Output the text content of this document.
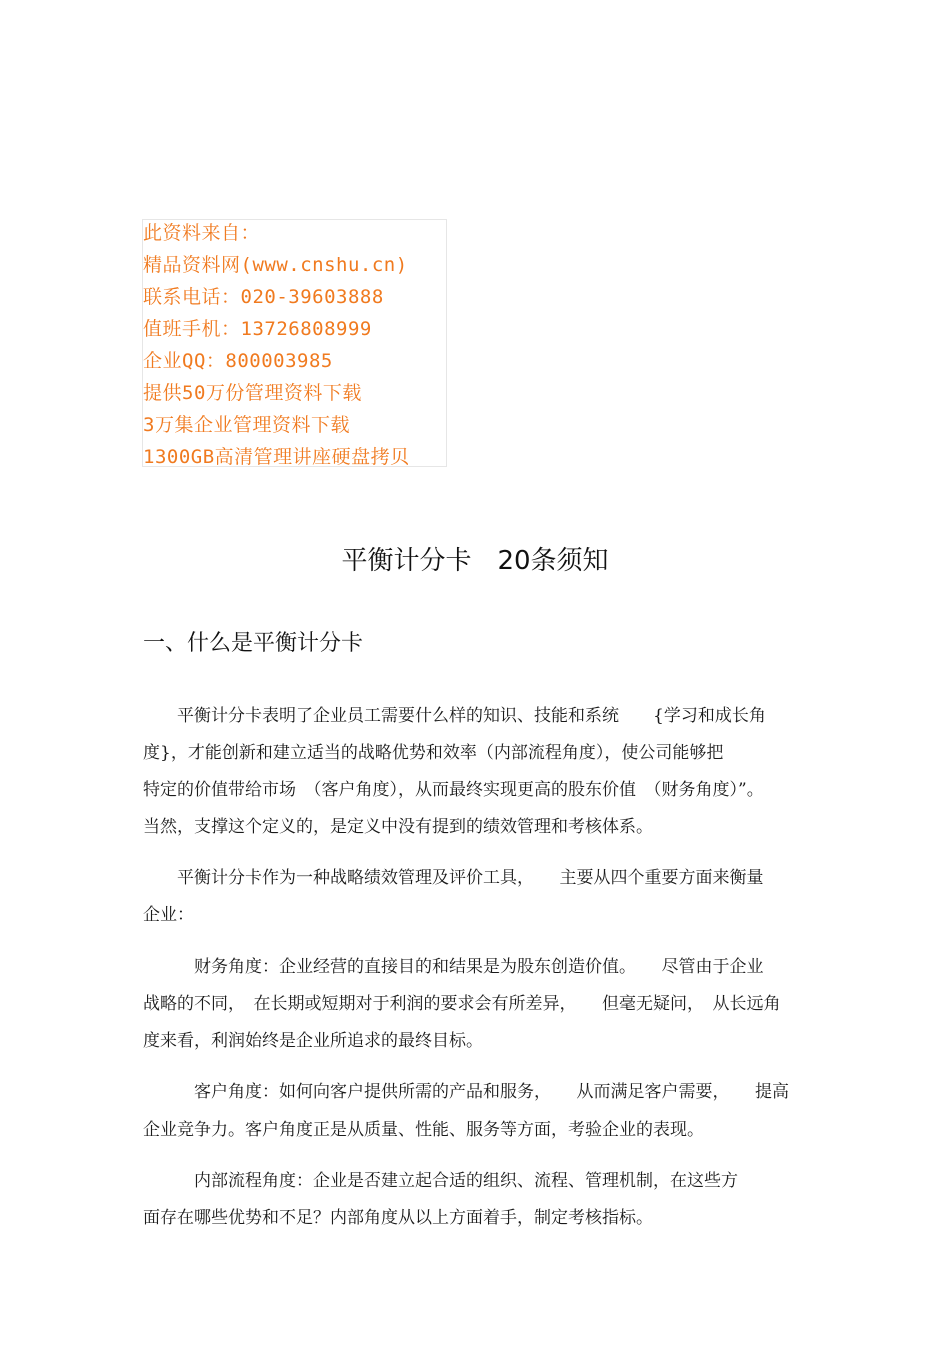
此资料来自：
精品资料网(www.cnshu.cn)
联系电话：020-39603888
值班手机：13726808999
企业QQ：800003985
提供50万份管理资料下载
3万集企业管理资料下载
1300GB高清管理讲座硬盘拷贝
平衡计分卡　20条须知
一、什么是平衡计分卡
　　平衡计分卡表明了企业员工需要什么样的知识、技能和系统　　{学习和成长角
度}，才能创新和建立适当的战略优势和效率（内部流程角度），使公司能够把
特定的价值带给市场　（客户角度），从而最终实现更高的股东价值　（财务角度）”。
当然，支撑这个定义的，是定义中没有提到的绩效管理和考核体系。
　　平衡计分卡作为一种战略绩效管理及评价工具，　　主要从四个重要方面来衡量
企业：
　　　财务角度：企业经营的直接目的和结果是为股东创造价值。　　尽管由于企业
战略的不同，　在长期或短期对于利润的要求会有所差异，　　但毫无疑问，　从长远角
度来看，利润始终是企业所追求的最终目标。
　　　客户角度：如何向客户提供所需的产品和服务，　　从而满足客户需要，　　提高
企业竞争力。客户角度正是从质量、性能、服务等方面，考验企业的表现。
　　　内部流程角度：企业是否建立起合适的组织、流程、管理机制，在这些方
面存在哪些优势和不足？内部角度从以上方面着手，制定考核指标。
